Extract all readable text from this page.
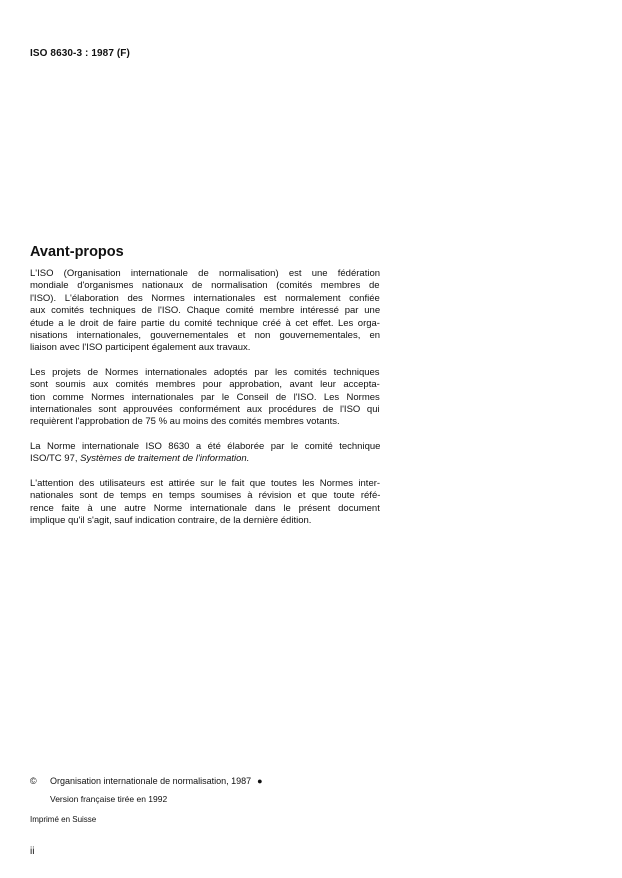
ISO 8630-3 : 1987 (F)
Avant-propos

L'ISO (Organisation internationale de normalisation) est une fédération
mondiale d'organismes nationaux de normalisation (comités membres de
l'ISO). L'élaboration des Normes internationales est normalement confiée
aux comités techniques de l'ISO. Chaque comité membre intéressé par une
étude a le droit de faire partie du comité technique créé à cet effet. Les orga-
nisations internationales, gouvernementales et non gouvernementales, en
liaison avec l'ISO participent également aux travaux.

Les projets de Normes internationales adoptés par les comités techniques
sont soumis aux comités membres pour approbation, avant leur accepta-
tion comme Normes internationales par le Conseil de l'ISO. Les Normes
internationales sont approuvées conformément aux procédures de l'ISO qui
requièrent l'approbation de 75 % au moins des comités membres votants.

La Norme internationale ISO 8630 a été élaborée par le comité technique
ISO/TC 97, Systèmes de traitement de l'information.

L'attention des utilisateurs est attirée sur le fait que toutes les Normes inter-
nationales sont de temps en temps soumises à révision et que toute réfé-
rence faite à une autre Norme internationale dans le présent document
implique qu'il s'agit, sauf indication contraire, de la dernière édition.

©	Organisation internationale de normalisation, 1987 ●
Version française tirée en 1992
Imprimé en Suisse
ii
